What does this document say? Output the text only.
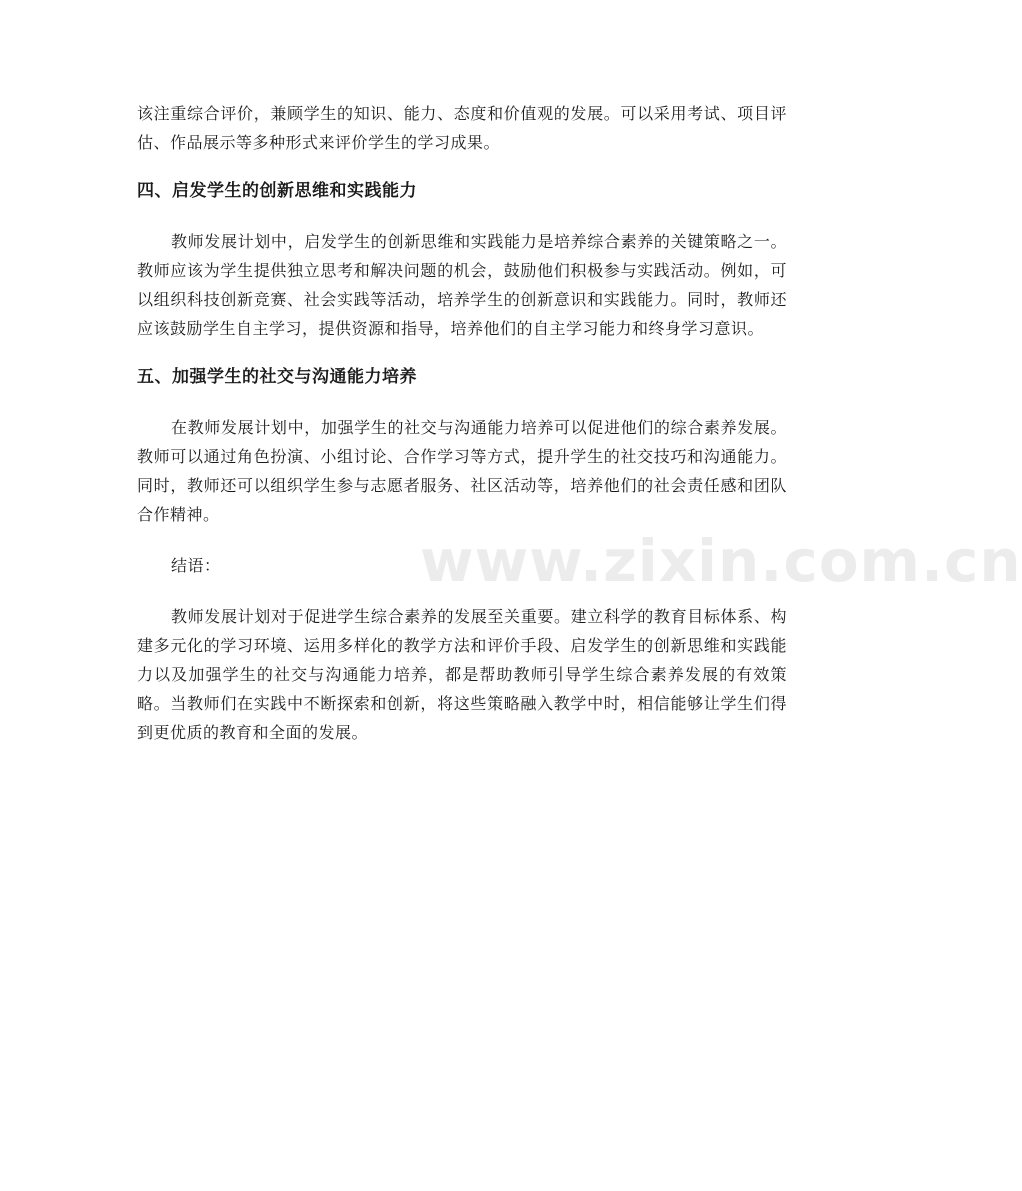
该注重综合评价，兼顾学生的知识、能力、态度和价值观的发展。可以采用考试、项目评估、作品展示等多种形式来评价学生的学习成果。

四、启发学生的创新思维和实践能力

教师发展计划中，启发学生的创新思维和实践能力是培养综合素养的关键策略之一。教师应该为学生提供独立思考和解决问题的机会，鼓励他们积极参与实践活动。例如，可以组织科技创新竞赛、社会实践等活动，培养学生的创新意识和实践能力。同时，教师还应该鼓励学生自主学习，提供资源和指导，培养他们的自主学习能力和终身学习意识。

五、加强学生的社交与沟通能力培养

在教师发展计划中，加强学生的社交与沟通能力培养可以促进他们的综合素养发展。教师可以通过角色扮演、小组讨论、合作学习等方式，提升学生的社交技巧和沟通能力。同时，教师还可以组织学生参与志愿者服务、社区活动等，培养他们的社会责任感和团队合作精神。

结语：

教师发展计划对于促进学生综合素养的发展至关重要。建立科学的教育目标体系、构建多元化的学习环境、运用多样化的教学方法和评价手段、启发学生的创新思维和实践能力以及加强学生的社交与沟通能力培养，都是帮助教师引导学生综合素养发展的有效策略。当教师们在实践中不断探索和创新，将这些策略融入教学中时，相信能够让学生们得到更优质的教育和全面的发展。

www.zixin.com.cn
